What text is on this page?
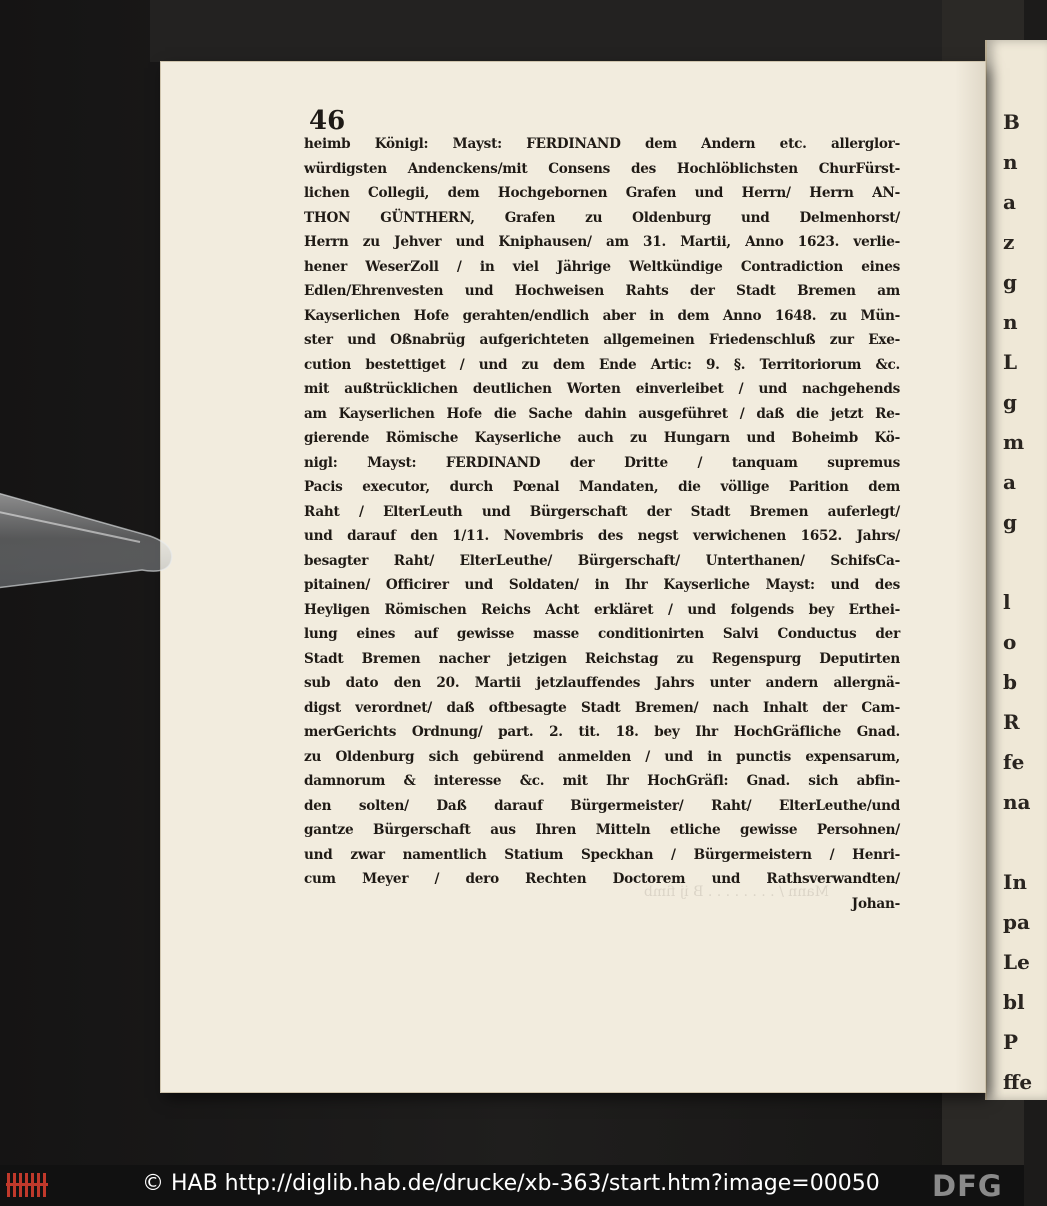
B
n
a
z
g
n
L
g
m
a
g
l
o
b
R
fe
na
In
pa
Le
bl
P
ffe
46
heimb Königl: Mayst: FERDINAND dem Andern etc. allerglor-
würdigsten Andenckens/mit Consens des Hochlöblichsten ChurFürst-
lichen Collegii, dem Hochgebornen Grafen und Herrn/ Herrn AN-
THON GÜNTHERN, Grafen zu Oldenburg und Delmenhorst/
Herrn zu Jehver und Kniphausen/ am 31. Martii, Anno 1623. verlie-
hener WeserZoll / in viel Jährige Weltkündige Contradiction eines
Edlen/Ehrenvesten und Hochweisen Rahts der Stadt Bremen am
Kayserlichen Hofe gerahten/endlich aber in dem Anno 1648. zu Mün-
ster und Oßnabrüg aufgerichteten allgemeinen Friedenschluß zur Exe-
cution bestettiget / und zu dem Ende Artic: 9. §. Territoriorum &c.
mit außtrücklichen deutlichen Worten einverleibet / und nachgehends
am Kayserlichen Hofe die Sache dahin ausgeführet / daß die jetzt Re-
gierende Römische Kayserliche auch zu Hungarn und Boheimb Kö-
nigl: Mayst: FERDINAND der Dritte / tanquam supremus
Pacis executor, durch Pœnal Mandaten, die völlige Parition dem
Raht / ElterLeuth und Bürgerschaft der Stadt Bremen auferlegt/
und darauf den 1/11. Novembris des negst verwichenen 1652. Jahrs/
besagter Raht/ ElterLeuthe/ Bürgerschaft/ Unterthanen/ SchifsCa-
pitainen/ Officirer und Soldaten/ in Ihr Kayserliche Mayst: und des
Heyligen Römischen Reichs Acht erkläret / und folgends bey Erthei-
lung eines auf gewisse masse conditionirten Salvi Conductus der
Stadt Bremen nacher jetzigen Reichstag zu Regenspurg Deputirten
sub dato den 20. Martii jetzlauffendes Jahrs unter andern allergnä-
digst verordnet/ daß oftbesagte Stadt Bremen/ nach Inhalt der Cam-
merGerichts Ordnung/ part. 2. tit. 18. bey Ihr HochGräfliche Gnad.
zu Oldenburg sich gebürend anmelden / und in punctis expensarum,
damnorum & interesse &c. mit Ihr HochGräfl: Gnad. sich abfin-
den solten/ Daß darauf Bürgermeister/ Raht/ ElterLeuthe/und
gantze Bürgerschaft aus Ihren Mitteln etliche gewisse Persohnen/
und zwar namentlich Statium Speckhan / Bürgermeistern / Henri-
cum Meyer / dero Rechten Doctorem und Rathsverwandten/
Johan-
Mann / . . . . . . . . B ij fimb
© HAB http://diglib.hab.de/drucke/xb-363/start.htm?image=00050 DFG
